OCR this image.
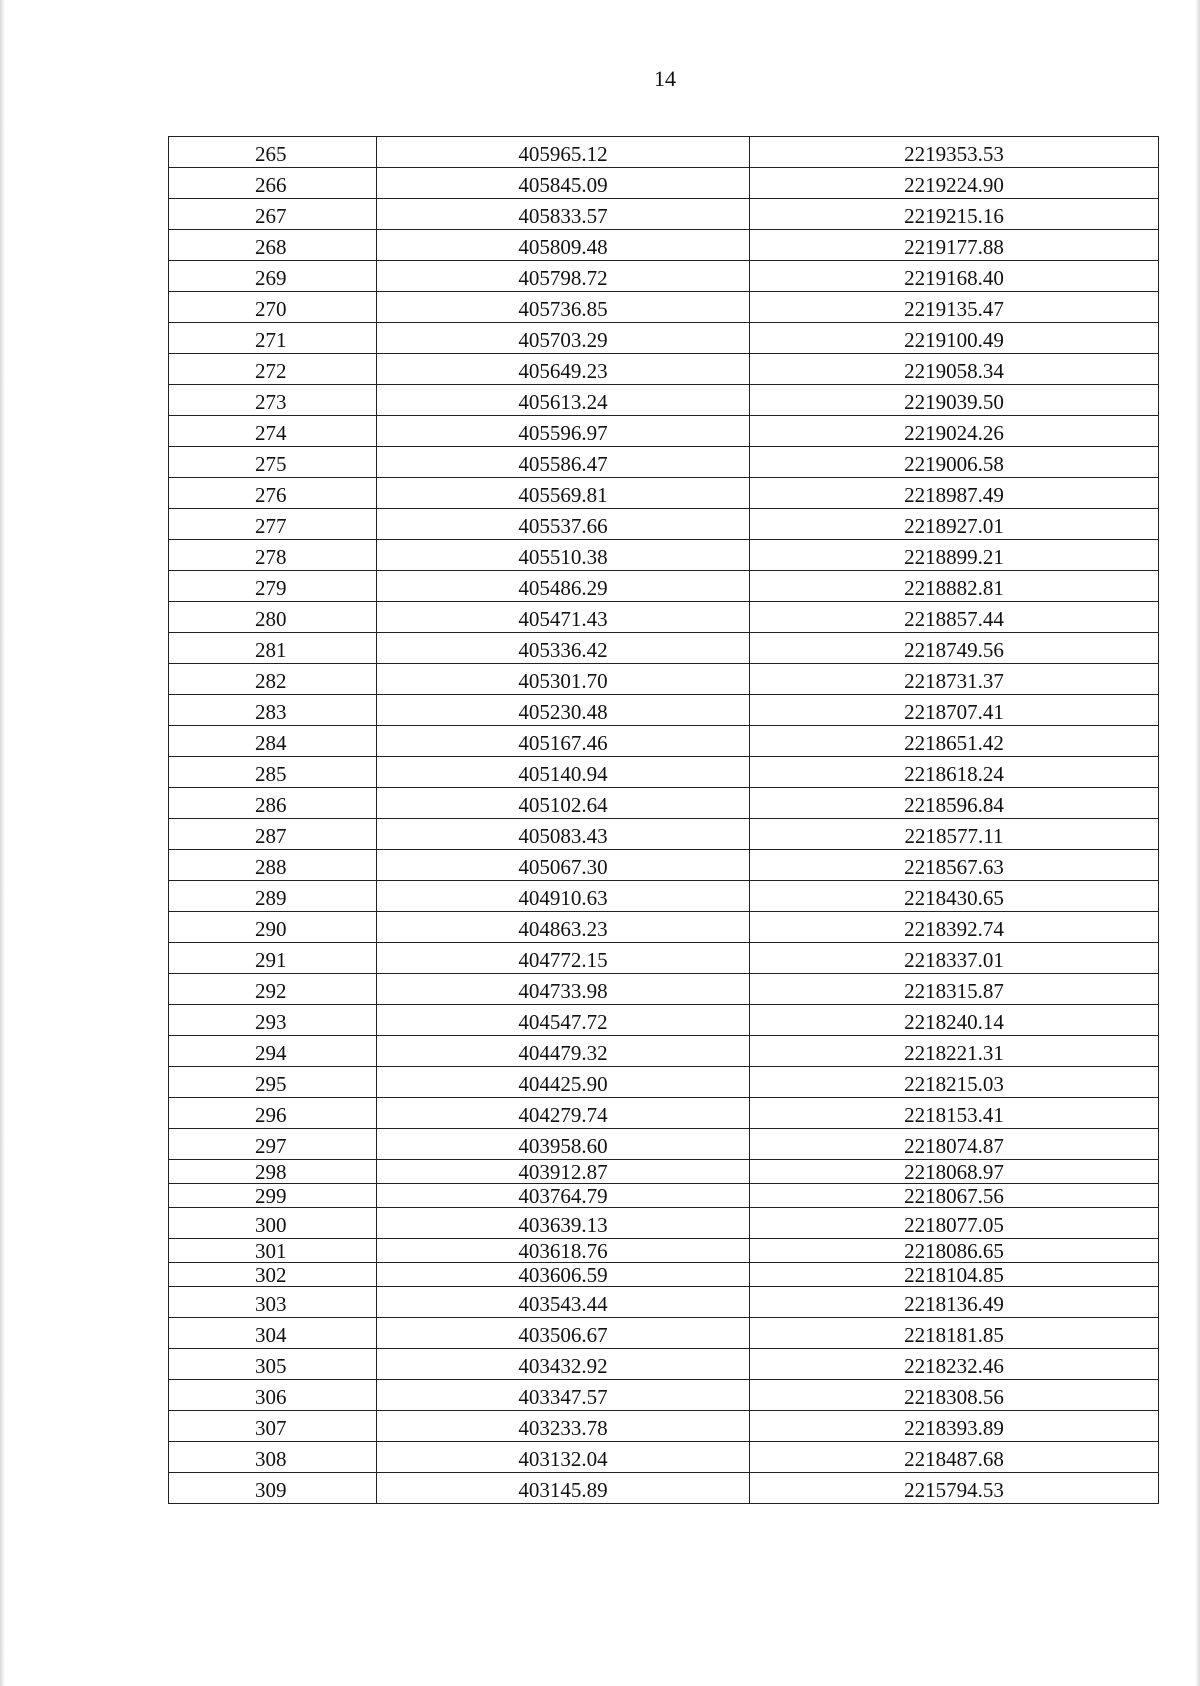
14
265	405965.12	2219353.53
266	405845.09	2219224.90
267	405833.57	2219215.16
268	405809.48	2219177.88
269	405798.72	2219168.40
270	405736.85	2219135.47
271	405703.29	2219100.49
272	405649.23	2219058.34
273	405613.24	2219039.50
274	405596.97	2219024.26
275	405586.47	2219006.58
276	405569.81	2218987.49
277	405537.66	2218927.01
278	405510.38	2218899.21
279	405486.29	2218882.81
280	405471.43	2218857.44
281	405336.42	2218749.56
282	405301.70	2218731.37
283	405230.48	2218707.41
284	405167.46	2218651.42
285	405140.94	2218618.24
286	405102.64	2218596.84
287	405083.43	2218577.11
288	405067.30	2218567.63
289	404910.63	2218430.65
290	404863.23	2218392.74
291	404772.15	2218337.01
292	404733.98	2218315.87
293	404547.72	2218240.14
294	404479.32	2218221.31
295	404425.90	2218215.03
296	404279.74	2218153.41
297	403958.60	2218074.87
298	403912.87	2218068.97
299	403764.79	2218067.56
300	403639.13	2218077.05
301	403618.76	2218086.65
302	403606.59	2218104.85
303	403543.44	2218136.49
304	403506.67	2218181.85
305	403432.92	2218232.46
306	403347.57	2218308.56
307	403233.78	2218393.89
308	403132.04	2218487.68
309	403145.89	2215794.53
